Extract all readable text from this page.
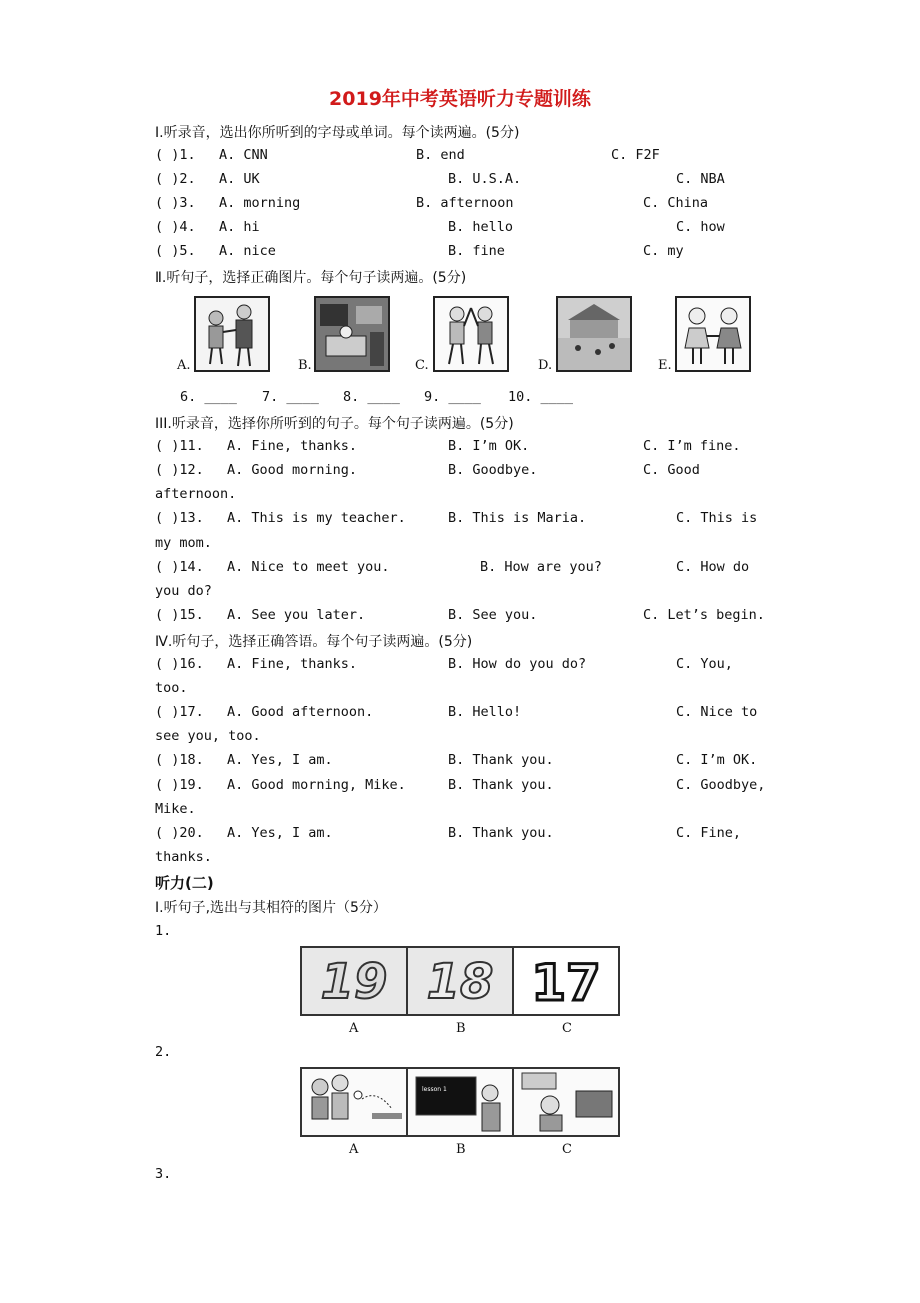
2019年中考英语听力专题训练
Ⅰ.听录音，选出你所听到的字母或单词。每个读两遍。(5分)
( )1. A. CNN	B. end	C. F2F
( )2. A. UK	B. U.S.A.	C. NBA
( )3. A. morning	B. afternoon	C. China
( )4. A. hi	B. hello	C. how
( )5. A. nice	B. fine	C. my
Ⅱ.听句子，选择正确图片。每个句子读两遍。(5分)
A.	B.	C.	D.	E.
6. ____ 7. ____ 8. ____ 9. ____ 10. ____
III.听录音，选择你所听到的句子。每个句子读两遍。(5分)
( )11. A. Fine, thanks.	B. I’m OK.	C. I’m fine.
( )12. A. Good morning.	B. Goodbye.	C. Good
afternoon.
( )13. A. This is my teacher.	B. This is Maria.	C. This is
my mom.
( )14. A. Nice to meet you.	B. How are you?	C. How do
you do?
( )15. A. See you later.	B. See you.	C. Let’s begin.
Ⅳ.听句子，选择正确答语。每个句子读两遍。(5分)
( )16. A. Fine, thanks.	B. How do you do?	C. You,
too.
( )17. A. Good afternoon.	B. Hello!	C. Nice to
see you, too.
( )18. A. Yes, I am.	B. Thank you.	C. I’m OK.
( )19. A. Good morning, Mike.	B. Thank you.	C. Goodbye,
Mike.
( )20. A. Yes, I am.	B. Thank you.	C. Fine,
thanks.
听力(二)
Ⅰ.听句子,选出与其相符的图片（5分）
1.
19 18 17
A	B	C
2.
lesson 1
A	B	C
3.
